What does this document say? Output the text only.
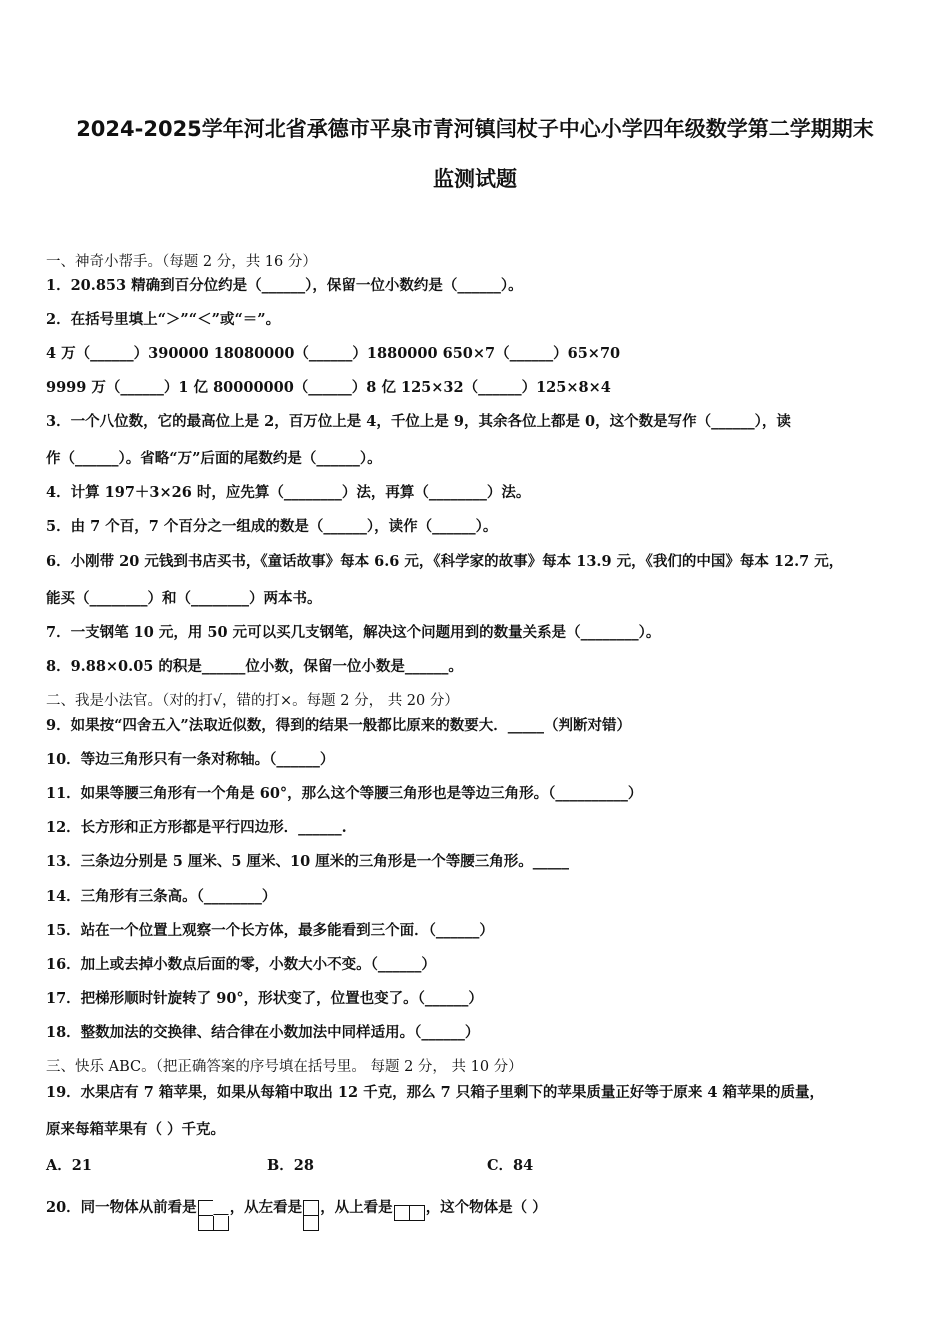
2024-2025学年河北省承德市平泉市青河镇闫杖子中心小学四年级数学第二学期期末
监测试题
一、神奇小帮手。（每题 2 分，共 16 分）
1．20.853 精确到百分位约是（______），保留一位小数约是（______）。
2．在括号里填上“＞”“＜”或“＝”。
4 万（______）390000 18080000（______）1880000 650×7（______）65×70
9999 万（______）1 亿 80000000（______）8 亿 125×32（______）125×8×4
3．一个八位数，它的最高位上是 2，百万位上是 4，千位上是 9，其余各位上都是 0，这个数是写作（______），读
作（______）。省略“万”后面的尾数约是（______）。
4．计算 197＋3×26 时，应先算（________）法，再算（________）法。
5．由 7 个百，7 个百分之一组成的数是（______），读作（______）。
6．小刚带 20 元钱到书店买书，《童话故事》每本 6.6 元，《科学家的故事》每本 13.9 元，《我们的中国》每本 12.7 元，
能买（________）和（________）两本书。
7．一支钢笔 10 元，用 50 元可以买几支钢笔，解决这个问题用到的数量关系是（________）。
8．9.88×0.05 的积是______位小数，保留一位小数是______。
二、我是小法官。（对的打√，错的打×。每题 2 分， 共 20 分）
9．如果按“四舍五入”法取近似数，得到的结果一般都比原来的数要大．_____（判断对错）
10．等边三角形只有一条对称轴。（______）
11．如果等腰三角形有一个角是 60°，那么这个等腰三角形也是等边三角形。（__________）
12．长方形和正方形都是平行四边形．______.
13．三条边分别是 5 厘米、5 厘米、10 厘米的三角形是一个等腰三角形。_____
14．三角形有三条高。（________）
15．站在一个位置上观察一个长方体，最多能看到三个面．（______）
16．加上或去掉小数点后面的零，小数大小不变。（______）
17．把梯形顺时针旋转了 90°，形状变了，位置也变了。（______）
18．整数加法的交换律、结合律在小数加法中同样适用。（______）
三、快乐 ABC。（把正确答案的序号填在括号里。 每题 2 分， 共 10 分）
19．水果店有 7 箱苹果，如果从每箱中取出 12 千克，那么 7 只箱子里剩下的苹果质量正好等于原来 4 箱苹果的质量，
原来每箱苹果有（ ）千克。
A．21	B．28	C．84
20．同一物体从前看是 ，从左看是 ，从上看是 ，这个物体是（ ）
